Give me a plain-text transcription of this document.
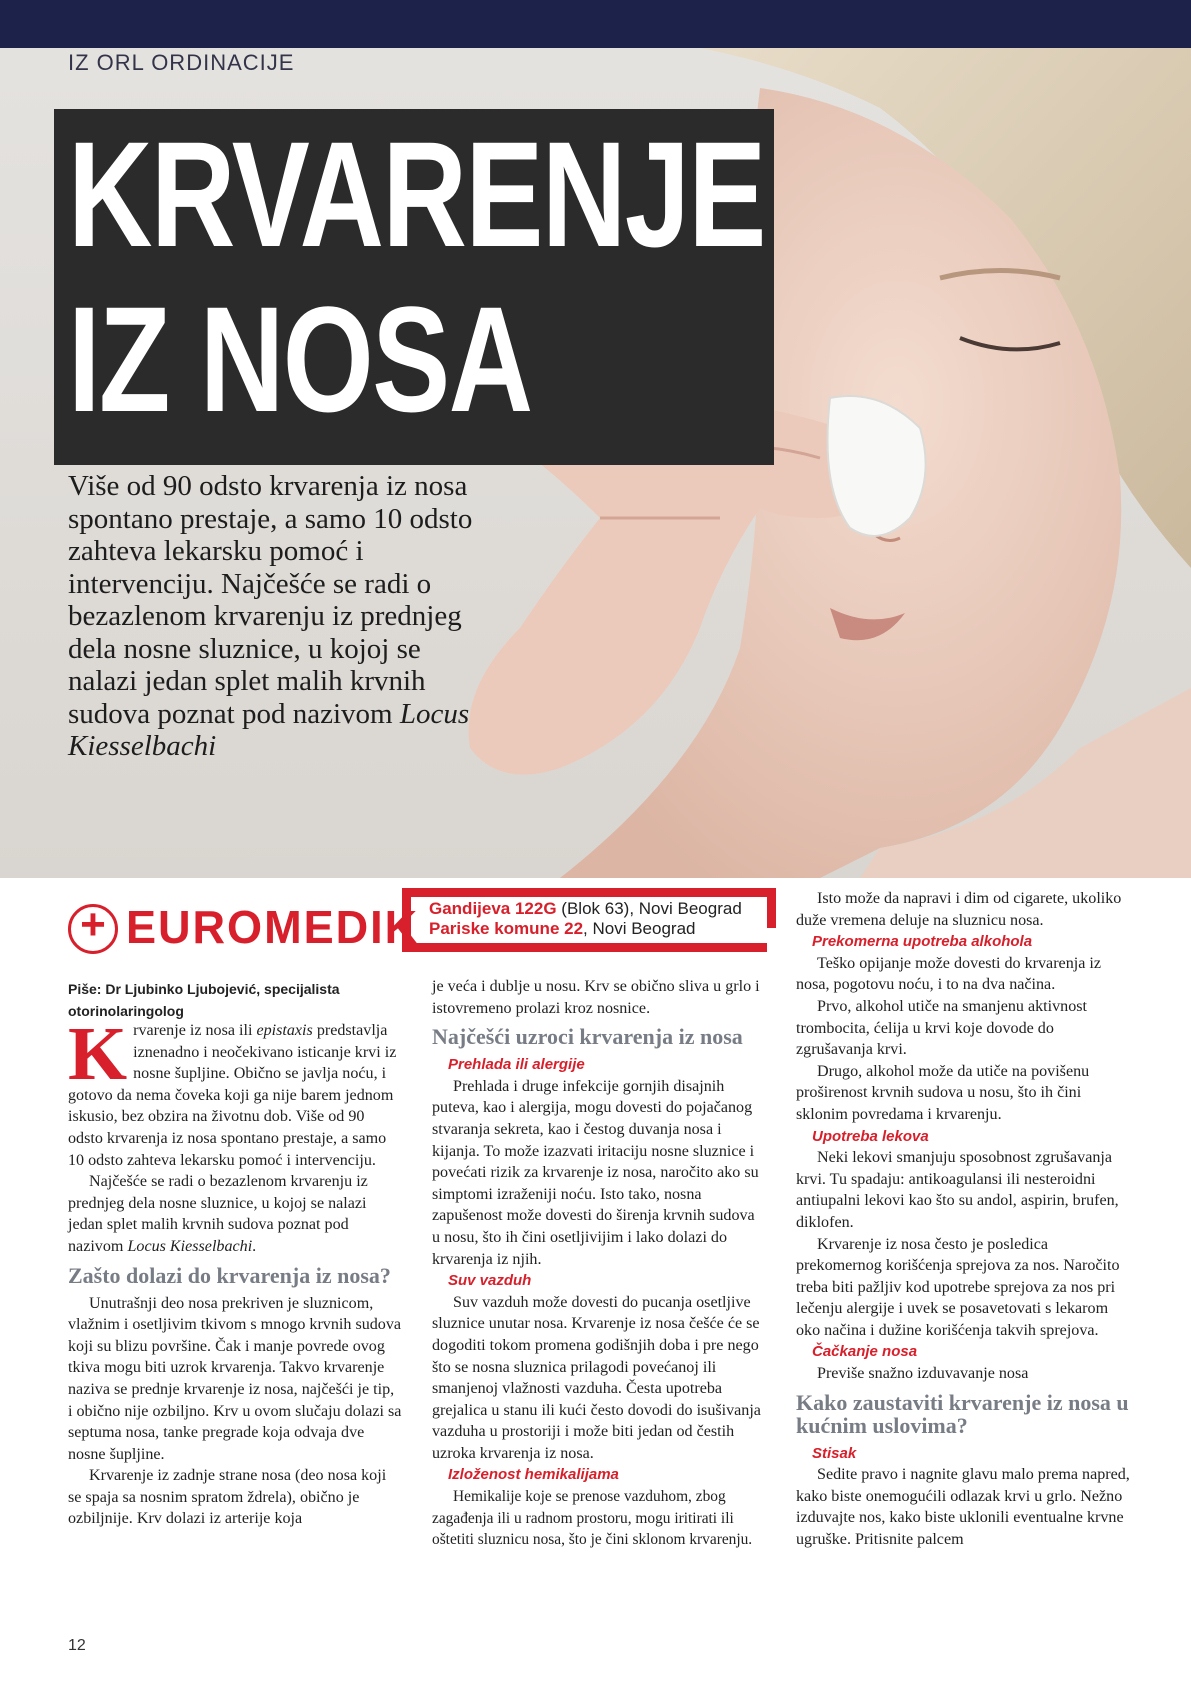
IZ ORL ORDINACIJE
KRVARENJE
IZ NOSA
Više od 90 odsto krvarenja iz nosa spontano prestaje, a samo 10 odsto zahteva lekarsku pomoć i intervenciju. Najčešće se radi o bezazlenom krvarenju iz prednjeg dela nosne sluznice, u kojoj se nalazi jedan splet malih krvnih sudova poznat pod nazivom Locus Kiesselbachi
+ EUROMEDIK Gandijeva 122G (Blok 63), Novi Beograd
Pariske komune 22, Novi Beograd
Piše: Dr Ljubinko Ljubojević, specijalista otorinolaringolog

Krvarenje iz nosa ili epistaxis predstavlja iznenadno i neočekivano isticanje krvi iz nosne šupljine. Obično se javlja noću, i gotovo da nema čoveka koji ga nije barem jednom iskusio, bez obzira na životnu dob. Više od 90 odsto krvarenja iz nosa spontano prestaje, a samo 10 odsto zahteva lekarsku pomoć i intervenciju.

Najčešće se radi o bezazlenom krvarenju iz prednjeg dela nosne sluznice, u kojoj se nalazi jedan splet malih krvnih sudova poznat pod nazivom Locus Kiesselbachi.

Zašto dolazi do krvarenja iz nosa?

Unutrašnji deo nosa prekriven je sluznicom, vlažnim i osetljivim tkivom s mnogo krvnih sudova koji su blizu površine. Čak i manje povrede ovog tkiva mogu biti uzrok krvarenja. Takvo krvarenje naziva se prednje krvarenje iz nosa, najčešći je tip, i obično nije ozbiljno. Krv u ovom slučaju dolazi sa septuma nosa, tanke pregrade koja odvaja dve nosne šupljine.

Krvarenje iz zadnje strane nosa (deo nosa koji se spaja sa nosnim spratom ždrela), obično je ozbiljnije. Krv dolazi iz arterije koja

je veća i dublje u nosu. Krv se obično sliva u grlo i istovremeno prolazi kroz nosnice.

Najčešći uzroci krvarenja iz nosa
Prehlada ili alergije

Prehlada i druge infekcije gornjih disajnih puteva, kao i alergija, mogu dovesti do pojačanog stvaranja sekreta, kao i čestog duvanja nosa i kijanja. To može izazvati iritaciju nosne sluznice i povećati rizik za krvarenje iz nosa, naročito ako su simptomi izraženiji noću. Isto tako, nosna zapušenost može dovesti do širenja krvnih sudova u nosu, što ih čini osetljivijim i lako dolazi do krvarenja iz njih.

Suv vazduh

Suv vazduh može dovesti do pucanja osetljive sluznice unutar nosa. Krvarenje iz nosa češće će se dogoditi tokom promena godišnjih doba i pre nego što se nosna sluznica prilagodi povećanoj ili smanjenoj vlažnosti vazduha. Česta upotreba grejalica u stanu ili kući često dovodi do isušivanja vazduha u prostoriji i može biti jedan od čestih uzroka krvarenja iz nosa.

Izloženost hemikalijama

Hemikalije koje se prenose vazduhom, zbog zagađenja ili u radnom prostoru, mogu iritirati ili oštetiti sluznicu nosa, što je čini sklonom krvarenju.

Isto može da napravi i dim od cigarete, ukoliko duže vremena deluje na sluznicu nosa.

Prekomerna upotreba alkohola

Teško opijanje može dovesti do krvarenja iz nosa, pogotovu noću, i to na dva načina.

Prvo, alkohol utiče na smanjenu aktivnost trombocita, ćelija u krvi koje dovode do zgrušavanja krvi.

Drugo, alkohol može da utiče na povišenu proširenost krvnih sudova u nosu, što ih čini sklonim povredama i krvarenju.

Upotreba lekova

Neki lekovi smanjuju sposobnost zgrušavanja krvi. Tu spadaju: antikoagulansi ili nesteroidni antiupalni lekovi kao što su andol, aspirin, brufen, diklofen.

Krvarenje iz nosa često je posledica prekomernog korišćenja sprejova za nos. Naročito treba biti pažljiv kod upotrebe sprejova za nos pri lečenju alergije i uvek se posavetovati s lekarom oko načina i dužine korišćenja takvih sprejova.

Čačkanje nosa

Previše snažno izduvavanje nosa

Kako zaustaviti krvarenje iz nosa u kućnim uslovima?
Stisak

Sedite pravo i nagnite glavu malo prema napred, kako biste onemogućili odlazak krvi u grlo. Nežno izduvajte nos, kako biste uklonili eventualne krvne ugruške. Pritisnite palcem

12
